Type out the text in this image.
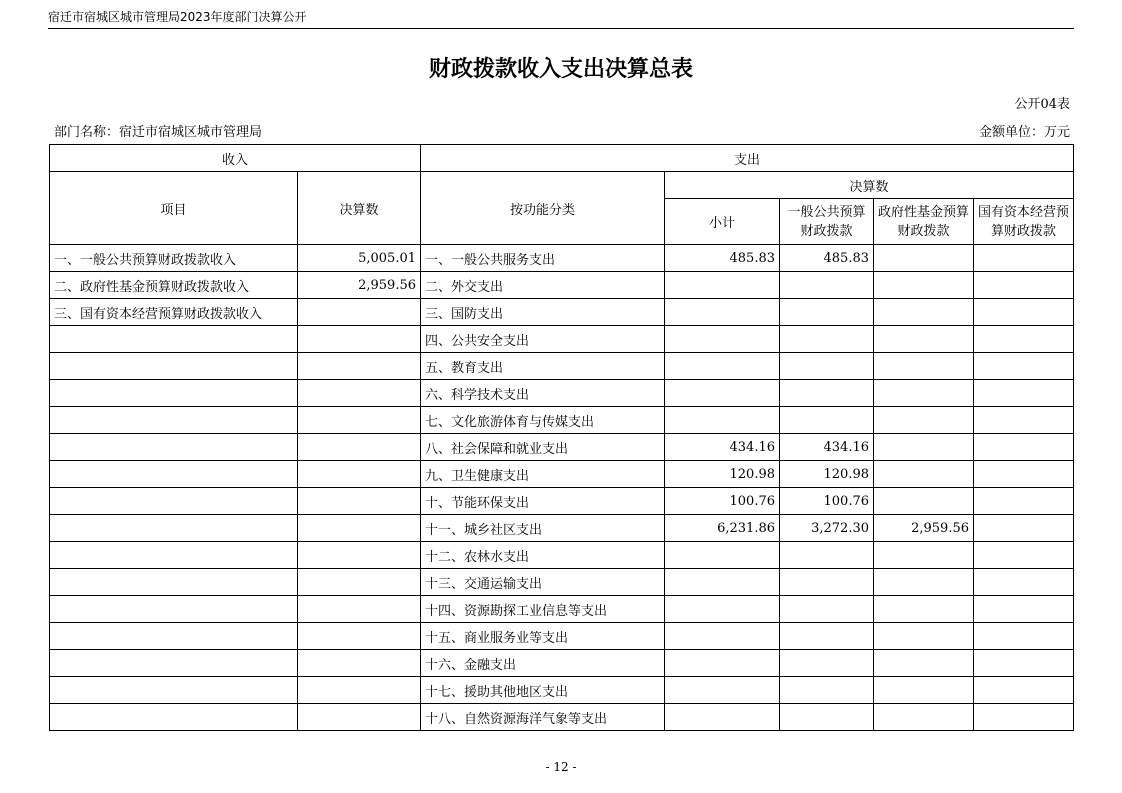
宿迁市宿城区城市管理局2023年度部门决算公开
财政拨款收入支出决算总表
公开04表
部门名称：宿迁市宿城区城市管理局	金额单位：万元
收入		支出				
项目	决算数	按功能分类	决算数			
			小计	一般公共预算财政拨款	政府性基金预算财政拨款	国有资本经营预算财政拨款
一、一般公共预算财政拨款收入	5,005.01	一、一般公共服务支出	485.83	485.83		
二、政府性基金预算财政拨款收入	2,959.56	二、外交支出				
三、国有资本经营预算财政拨款收入		三、国防支出				
		四、公共安全支出				
		五、教育支出				
		六、科学技术支出				
		七、文化旅游体育与传媒支出				
		八、社会保障和就业支出	434.16	434.16		
		九、卫生健康支出	120.98	120.98		
		十、节能环保支出	100.76	100.76		
		十一、城乡社区支出	6,231.86	3,272.30	2,959.56	
		十二、农林水支出				
		十三、交通运输支出				
		十四、资源勘探工业信息等支出				
		十五、商业服务业等支出				
		十六、金融支出				
		十七、援助其他地区支出				
		十八、自然资源海洋气象等支出				
- 12 -
